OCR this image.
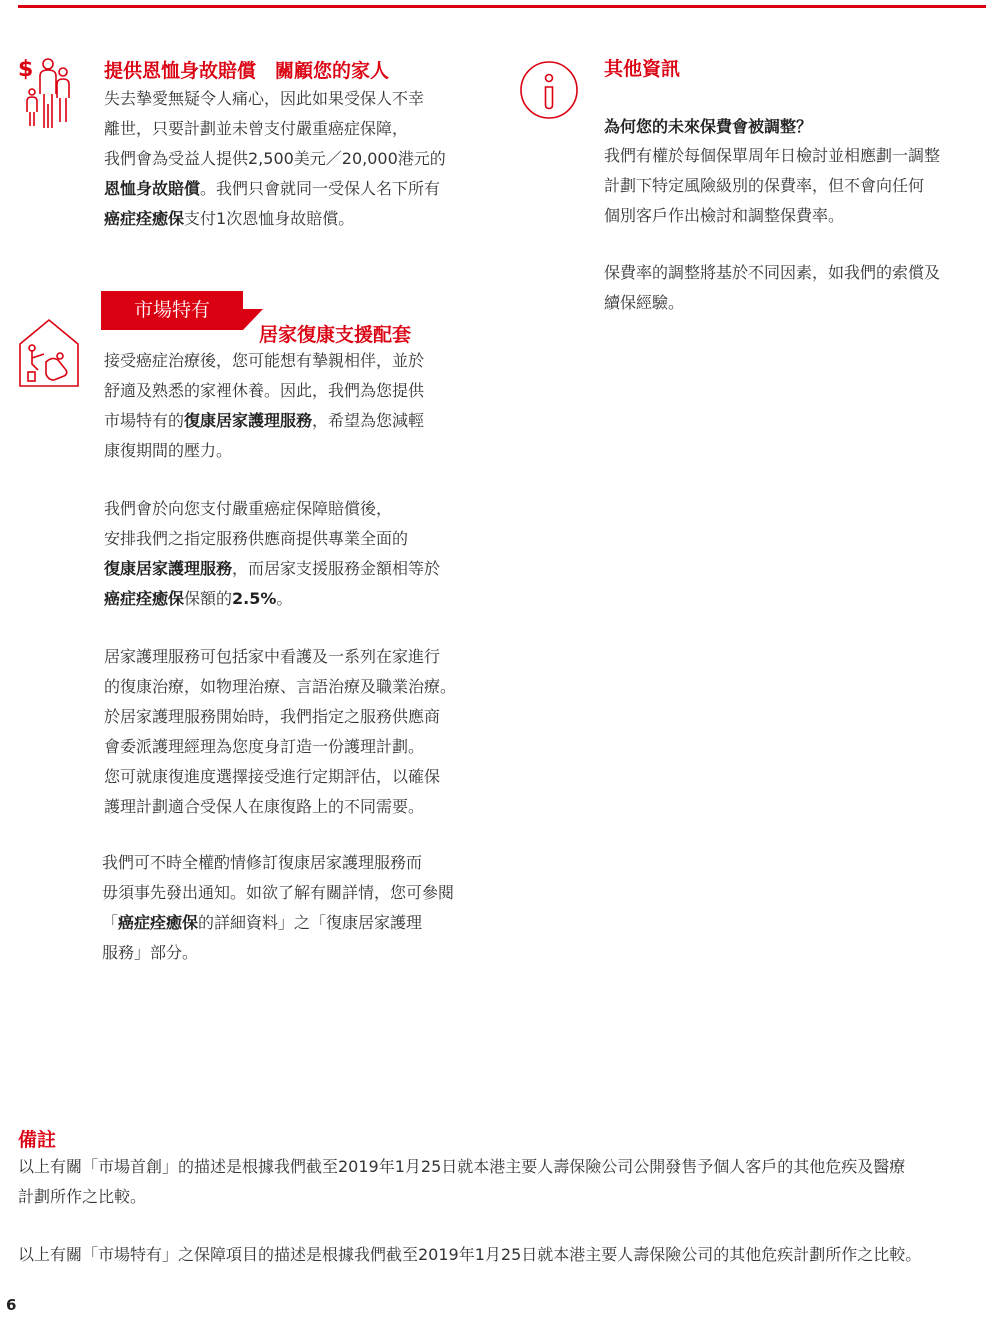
$	提供恩恤身故賠償　關顧您的家人
失去摯愛無疑令人痛心，因此如果受保人不幸
離世，只要計劃並未曾支付嚴重癌症保障，
我們會為受益人提供2,500美元／20,000港元的
恩恤身故賠償。我們只會就同一受保人名下所有
癌症痊癒保支付1次恩恤身故賠償。
市場特有
居家復康支援配套
接受癌症治療後，您可能想有摯親相伴，並於
舒適及熟悉的家裡休養。因此，我們為您提供
市場特有的復康居家護理服務，希望為您減輕
康復期間的壓力。
我們會於向您支付嚴重癌症保障賠償後，
安排我們之指定服務供應商提供專業全面的
復康居家護理服務，而居家支援服務金額相等於
癌症痊癒保保額的2.5%。
居家護理服務可包括家中看護及一系列在家進行
的復康治療，如物理治療、言語治療及職業治療。
於居家護理服務開始時，我們指定之服務供應商
會委派護理經理為您度身訂造一份護理計劃。
您可就康復進度選擇接受進行定期評估，以確保
護理計劃適合受保人在康復路上的不同需要。
我們可不時全權酌情修訂復康居家護理服務而
毋須事先發出通知。如欲了解有關詳情，您可參閱
「癌症痊癒保的詳細資料」之「復康居家護理
服務」部分。
其他資訊
為何您的未來保費會被調整？
我們有權於每個保單周年日檢討並相應劃一調整
計劃下特定風險級別的保費率，但不會向任何
個別客戶作出檢討和調整保費率。
保費率的調整將基於不同因素，如我們的索償及
續保經驗。
備註
以上有關「市場首創」的描述是根據我們截至2019年1月25日就本港主要人壽保險公司公開發售予個人客戶的其他危疾及醫療
計劃所作之比較。
以上有關「市場特有」之保障項目的描述是根據我們截至2019年1月25日就本港主要人壽保險公司的其他危疾計劃所作之比較。
6
